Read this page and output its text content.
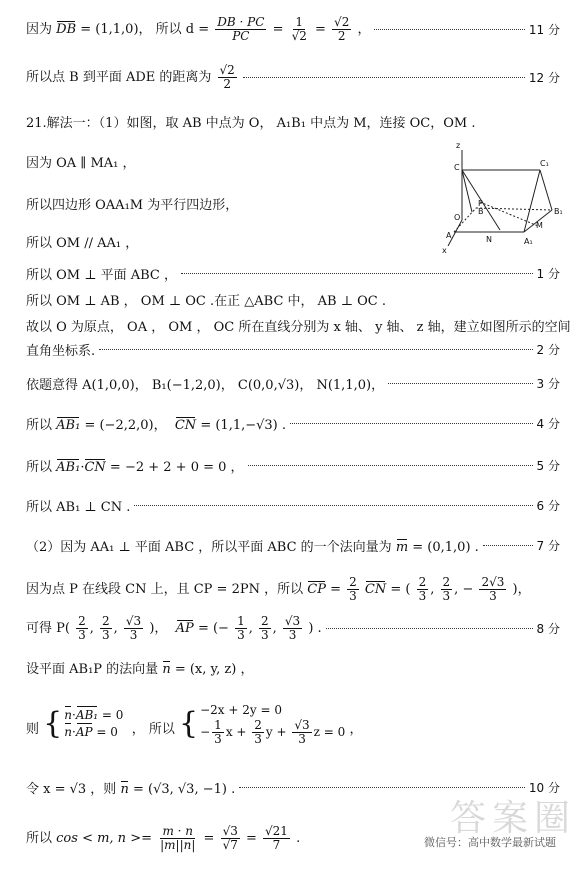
因为 DB = (1,1,0)， 所以 $d = \frac{DB \cdot PC}{PC} = \frac{1}{√2} = \frac{√2}{2}$ ，	11 分
所以点 B 到平面 ADE 的距离为 $\frac{√2}{2}$	12 分
21.解法一：（1）如图，取 AB 中点为 O， A₁B₁ 中点为 M，连接 OC，OM .
因为 OA ∥ MA₁ ，
所以四边形 OAA₁M 为平行四边形，
所以 OM // AA₁ ，
z
C	C₁
P
O
A	N	A₁
M
B₁
B
x
所以 OM ⊥ 平面 ABC ，	1 分
所以 OM ⊥ AB ， OM ⊥ OC .在正 △ABC 中， AB ⊥ OC .
故以 O 为原点， OA ， OM ， OC 所在直线分别为 x 轴、 y 轴、 z 轴，建立如图所示的空间
直角坐标系.	2 分
依题意得 A(1,0,0)， B₁(−1,2,0)， C(0,0,√3)， N(1,1,0)，	3 分
所以 AB₁ = (−2,2,0)， CN = (1,1,−√3) .	4 分
所以 AB₁·CN = −2 + 2 + 0 = 0 ，	5 分
所以 AB₁ ⊥ CN .	6 分
（2）因为 AA₁ ⊥ 平面 ABC ，所以平面 ABC 的一个法向量为 m = (0,1,0) .	7 分
因为点 P 在线段 CN 上，且 CP = 2PN ，所以 CP = $\frac{2}{3}$ CN = ( $\frac{2}{3}$ , $\frac{2}{3}$ , − $\frac{2√3}{3}$ )，
可得 $P( \frac{2}{3}$ , $\frac{2}{3}$ , $\frac{√3}{3}$ )， AP = (− $\frac{1}{3}$ , $\frac{2}{3}$ , $\frac{√3}{3}$ ) .	8 分
设平面 AB₁P 的法向量 n = (x, y, z) ，
则 { n·AB₁ = 0
n·AP = 0	， 所以 { −2x + 2y = 0
− $\frac{1}{3}$ $x + \frac{2}{3}$ $y + \frac{√3}{3}$ z = 0 ，
令 x = √3 ，则 n = (√3, √3, −1) .	10 分
所以 cos < m, $n >= \frac{m \cdot n}{|m||n|} = \frac{√3}{√7} = \frac{√21}{7}$ .	答案圈
微信号：高中数学最新试题
